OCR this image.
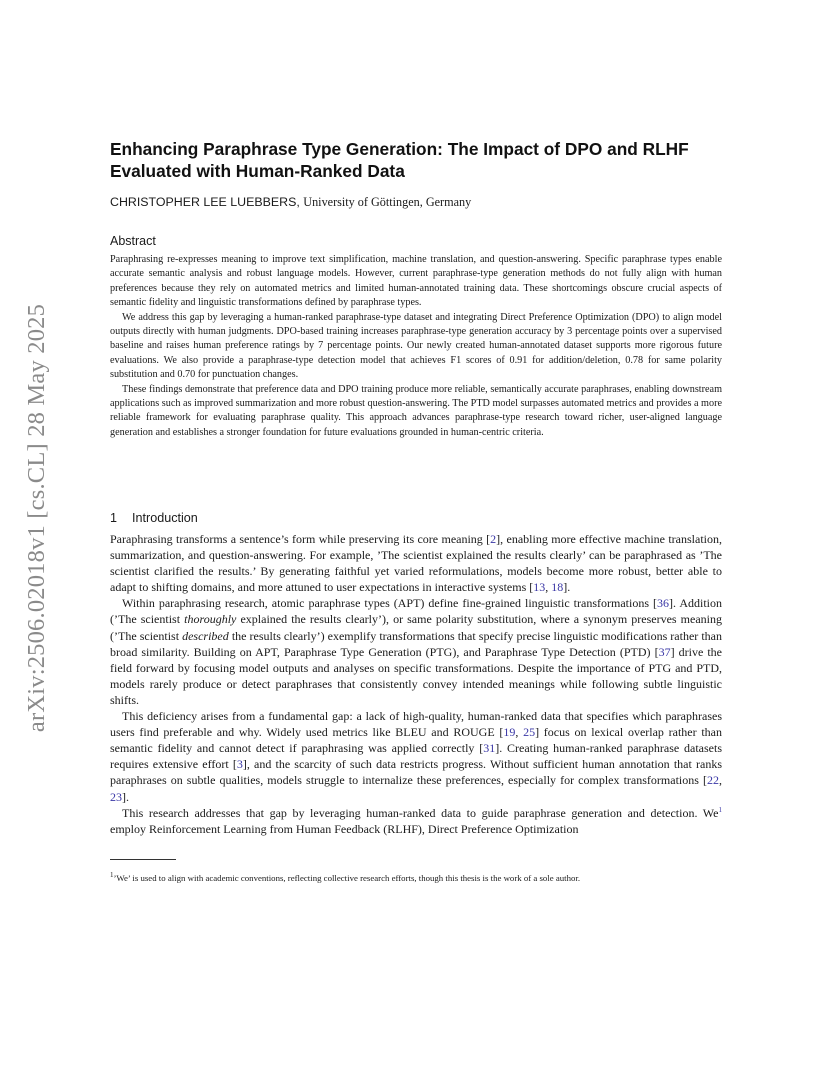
arXiv:2506.02018v1 [cs.CL] 28 May 2025
Enhancing Paraphrase Type Generation: The Impact of DPO and RLHF Evaluated with Human-Ranked Data
CHRISTOPHER LEE LUEBBERS, University of Göttingen, Germany
Abstract

Paraphrasing re-expresses meaning to improve text simplification, machine translation, and question-answering. Specific paraphrase types enable accurate semantic analysis and robust language models. However, current paraphrase-type generation methods do not fully align with human preferences because they rely on automated metrics and limited human-annotated training data. These shortcomings obscure crucial aspects of semantic fidelity and linguistic transformations defined by paraphrase types.

We address this gap by leveraging a human-ranked paraphrase-type dataset and integrating Direct Preference Optimization (DPO) to align model outputs directly with human judgments. DPO-based training increases paraphrase-type generation accuracy by 3 percentage points over a supervised baseline and raises human preference ratings by 7 percentage points. Our newly created human-annotated dataset supports more rigorous future evaluations. We also provide a paraphrase-type detection model that achieves F1 scores of 0.91 for addition/deletion, 0.78 for same polarity substitution and 0.70 for punctuation changes.

These findings demonstrate that preference data and DPO training produce more reliable, semantically accurate paraphrases, enabling downstream applications such as improved summarization and more robust question-answering. The PTD model surpasses automated metrics and provides a more reliable framework for evaluating paraphrase quality. This approach advances paraphrase-type research toward richer, user-aligned language generation and establishes a stronger foundation for future evaluations grounded in human-centric criteria.

1 Introduction

Paraphrasing transforms a sentence’s form while preserving its core meaning [2], enabling more effective machine translation, summarization, and question-answering. For example, ’The scientist explained the results clearly’ can be paraphrased as ’The scientist clarified the results.’ By generating faithful yet varied reformulations, models become more robust, better able to adapt to shifting domains, and more attuned to user expectations in interactive systems [13, 18].

Within paraphrasing research, atomic paraphrase types (APT) define fine-grained linguistic transformations [36]. Addition (’The scientist thoroughly explained the results clearly’), or same polarity substitution, where a synonym preserves meaning (’The scientist described the results clearly’) exemplify transformations that specify precise linguistic modifications rather than broad similarity. Building on APT, Paraphrase Type Generation (PTG), and Paraphrase Type Detection (PTD) [37] drive the field forward by focusing model outputs and analyses on specific transformations. Despite the importance of PTG and PTD, models rarely produce or detect paraphrases that consistently convey intended meanings while following subtle linguistic shifts.

This deficiency arises from a fundamental gap: a lack of high-quality, human-ranked data that specifies which paraphrases users find preferable and why. Widely used metrics like BLEU and ROUGE [19, 25] focus on lexical overlap rather than semantic fidelity and cannot detect if paraphrasing was applied correctly [31]. Creating human-ranked paraphrase datasets requires extensive effort [3], and the scarcity of such data restricts progress. Without sufficient human annotation that ranks paraphrases on subtle qualities, models struggle to internalize these preferences, especially for complex transformations [22, 23].

This research addresses that gap by leveraging human-ranked data to guide paraphrase generation and detection. We$^1$ employ Reinforcement Learning from Human Feedback (RLHF), Direct Preference Optimization

$^1$’We’ is used to align with academic conventions, reflecting collective research efforts, though this thesis is the work of a sole author.
